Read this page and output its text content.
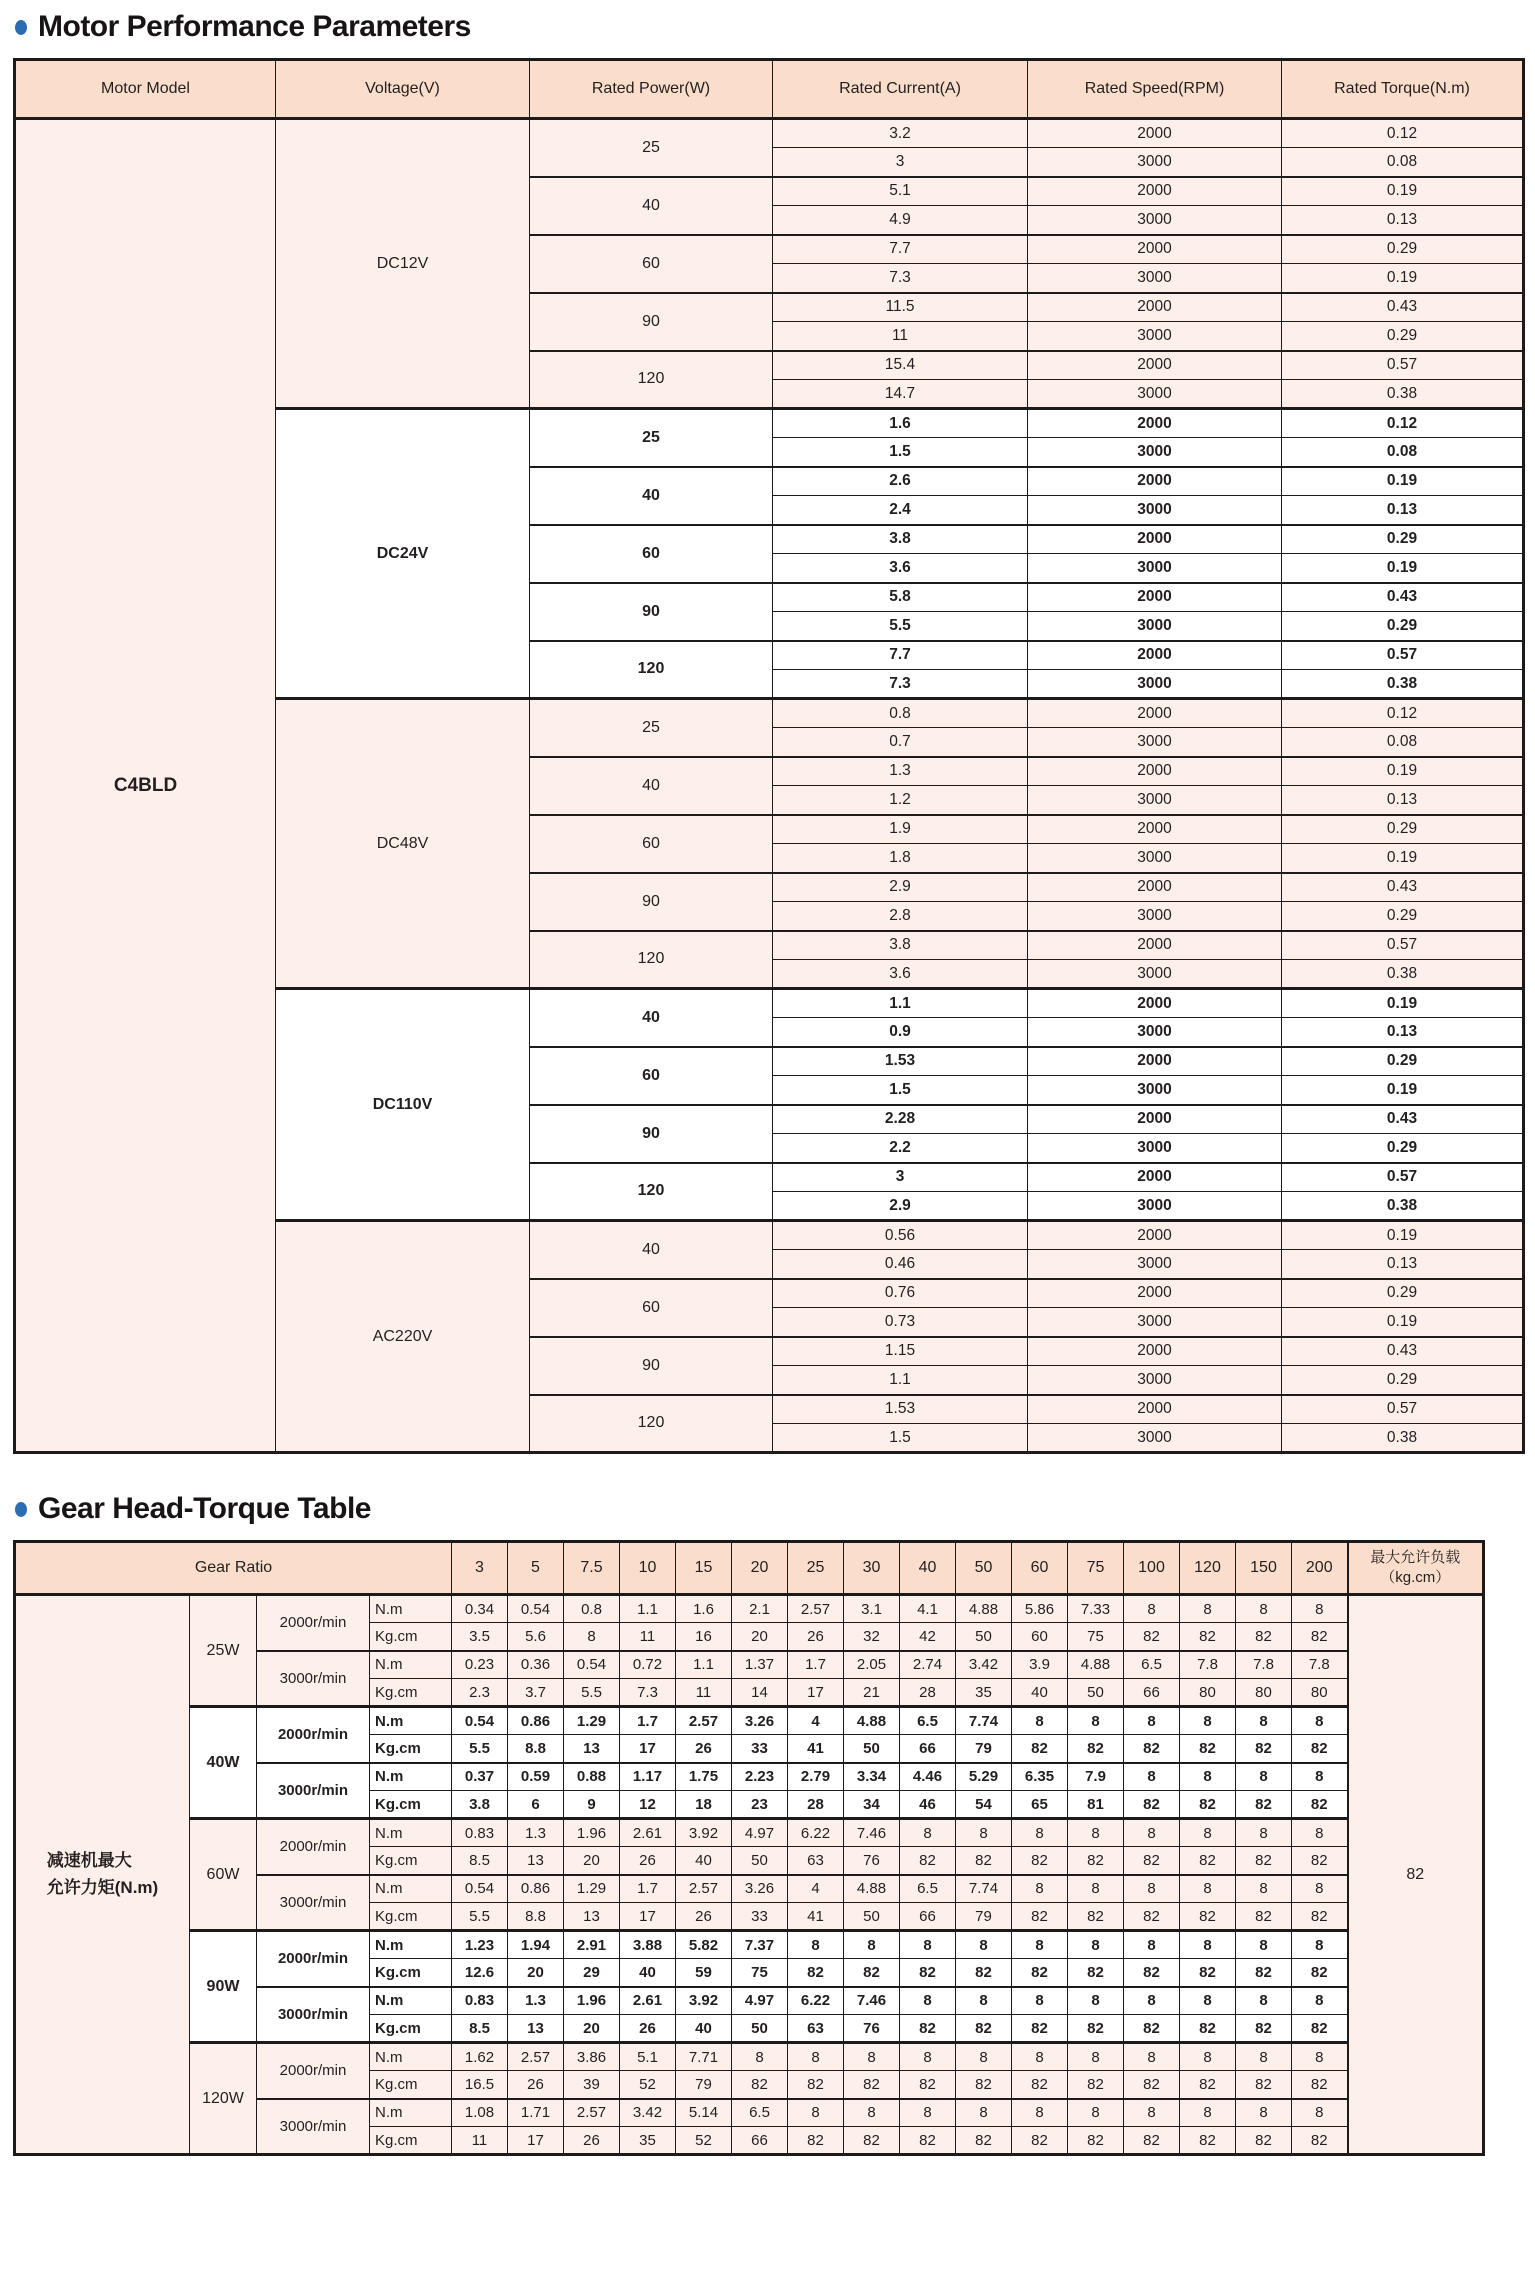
Motor Performance Parameters
Motor Model	Voltage(V)	Rated Power(W)	Rated Current(A)	Rated Speed(RPM)	Rated Torque(N.m)
C4BLD	DC12V	25	3.2	2000	0.12
			3	3000	0.08
		40	5.1	2000	0.19
			4.9	3000	0.13
		60	7.7	2000	0.29
			7.3	3000	0.19
		90	11.5	2000	0.43
			11	3000	0.29
		120	15.4	2000	0.57
			14.7	3000	0.38
	DC24V	25	1.6	2000	0.12
			1.5	3000	0.08
		40	2.6	2000	0.19
			2.4	3000	0.13
		60	3.8	2000	0.29
			3.6	3000	0.19
		90	5.8	2000	0.43
			5.5	3000	0.29
		120	7.7	2000	0.57
			7.3	3000	0.38
	DC48V	25	0.8	2000	0.12
			0.7	3000	0.08
		40	1.3	2000	0.19
			1.2	3000	0.13
		60	1.9	2000	0.29
			1.8	3000	0.19
		90	2.9	2000	0.43
			2.8	3000	0.29
		120	3.8	2000	0.57
			3.6	3000	0.38
	DC110V	40	1.1	2000	0.19
			0.9	3000	0.13
		60	1.53	2000	0.29
			1.5	3000	0.19
		90	2.28	2000	0.43
			2.2	3000	0.29
		120	3	2000	0.57
			2.9	3000	0.38
	AC220V	40	0.56	2000	0.19
			0.46	3000	0.13
		60	0.76	2000	0.29
			0.73	3000	0.19
		90	1.15	2000	0.43
			1.1	3000	0.29
		120	1.53	2000	0.57
			1.5	3000	0.38
Gear Head-Torque Table
Gear Ratio				3	5	7.5	10	15	20	25	30	40	50	60	75	100	120	150	200	最大允许负载
（kg.cm）

减速机最大
允许力矩(N.m)	25W	2000r/min	N.m	0.34	0.54	0.8	1.1	1.6	2.1	2.57	3.1	4.1	4.88	5.86	7.33	8	8	8	8	82
			Kg.cm	3.5	5.6	8	11	16	20	26	32	42	50	60	75	82	82	82	82	
		3000r/min	N.m	0.23	0.36	0.54	0.72	1.1	1.37	1.7	2.05	2.74	3.42	3.9	4.88	6.5	7.8	7.8	7.8	
			Kg.cm	2.3	3.7	5.5	7.3	11	14	17	21	28	35	40	50	66	80	80	80	
	40W	2000r/min	N.m	0.54	0.86	1.29	1.7	2.57	3.26	4	4.88	6.5	7.74	8	8	8	8	8	8	
			Kg.cm	5.5	8.8	13	17	26	33	41	50	66	79	82	82	82	82	82	82	
		3000r/min	N.m	0.37	0.59	0.88	1.17	1.75	2.23	2.79	3.34	4.46	5.29	6.35	7.9	8	8	8	8	
			Kg.cm	3.8	6	9	12	18	23	28	34	46	54	65	81	82	82	82	82	
	60W	2000r/min	N.m	0.83	1.3	1.96	2.61	3.92	4.97	6.22	7.46	8	8	8	8	8	8	8	8	
			Kg.cm	8.5	13	20	26	40	50	63	76	82	82	82	82	82	82	82	82	
		3000r/min	N.m	0.54	0.86	1.29	1.7	2.57	3.26	4	4.88	6.5	7.74	8	8	8	8	8	8	
			Kg.cm	5.5	8.8	13	17	26	33	41	50	66	79	82	82	82	82	82	82	
	90W	2000r/min	N.m	1.23	1.94	2.91	3.88	5.82	7.37	8	8	8	8	8	8	8	8	8	8	
			Kg.cm	12.6	20	29	40	59	75	82	82	82	82	82	82	82	82	82	82	
		3000r/min	N.m	0.83	1.3	1.96	2.61	3.92	4.97	6.22	7.46	8	8	8	8	8	8	8	8	
			Kg.cm	8.5	13	20	26	40	50	63	76	82	82	82	82	82	82	82	82	
	120W	2000r/min	N.m	1.62	2.57	3.86	5.1	7.71	8	8	8	8	8	8	8	8	8	8	8	
			Kg.cm	16.5	26	39	52	79	82	82	82	82	82	82	82	82	82	82	82	
		3000r/min	N.m	1.08	1.71	2.57	3.42	5.14	6.5	8	8	8	8	8	8	8	8	8	8	
			Kg.cm	11	17	26	35	52	66	82	82	82	82	82	82	82	82	82	82	
